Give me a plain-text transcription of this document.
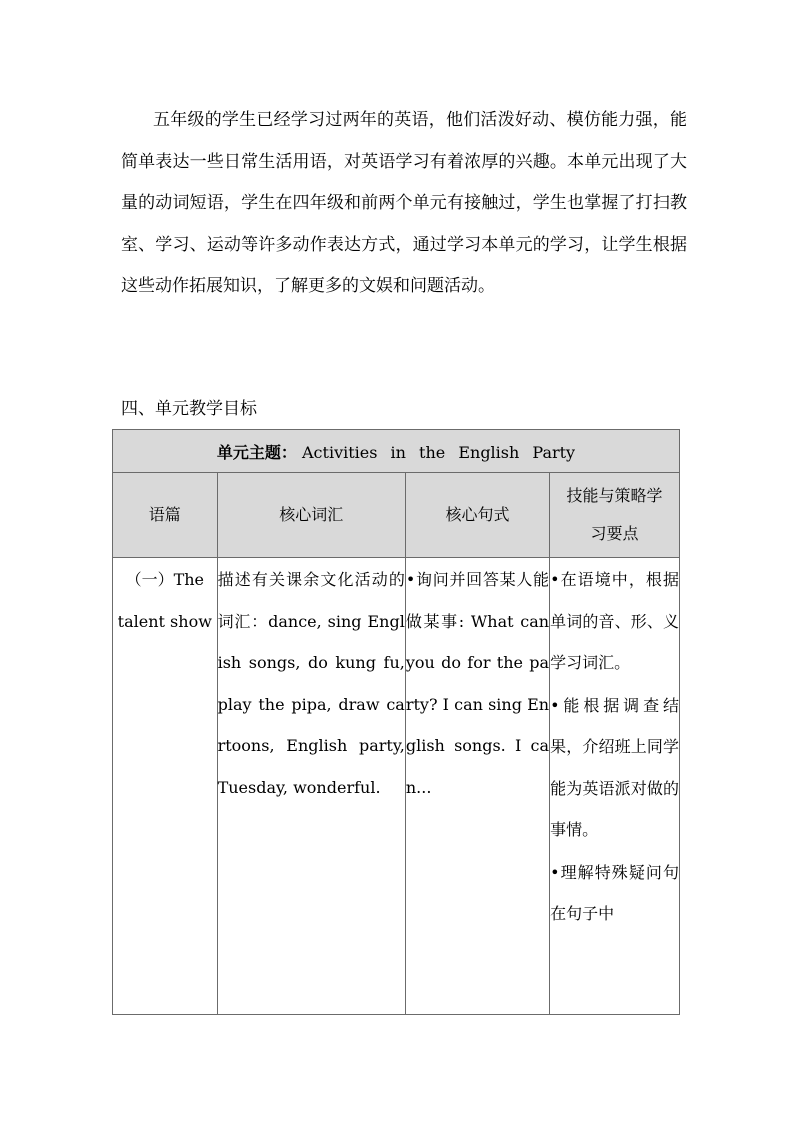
五年级的学生已经学习过两年的英语，他们活泼好动、模仿能力强，能简单表达一些日常生活用语，对英语学习有着浓厚的兴趣。本单元出现了大量的动词短语，学生在四年级和前两个单元有接触过，学生也掌握了打扫教室、学习、运动等许多动作表达方式，通过学习本单元的学习，让学生根据这些动作拓展知识，了解更多的文娱和问题活动。

四、单元教学目标
单元主题： Activities in the English Party			
语篇	核心词汇	核心句式	技能与策略学习要点

（一）The talent show	描述有关课余文化活动的词汇：dance, sing English songs, do kung fu, play the pipa, draw cartoons, English party, Tuesday, wonderful.	•询问并回答某人能做某事: What can you do for the party? I can sing English songs. I can...	•在语境中，根据单词的音、形、义学习词汇。
•能根据调查结果，介绍班上同学能为英语派对做的事情。
•理解特殊疑问句在句子中
